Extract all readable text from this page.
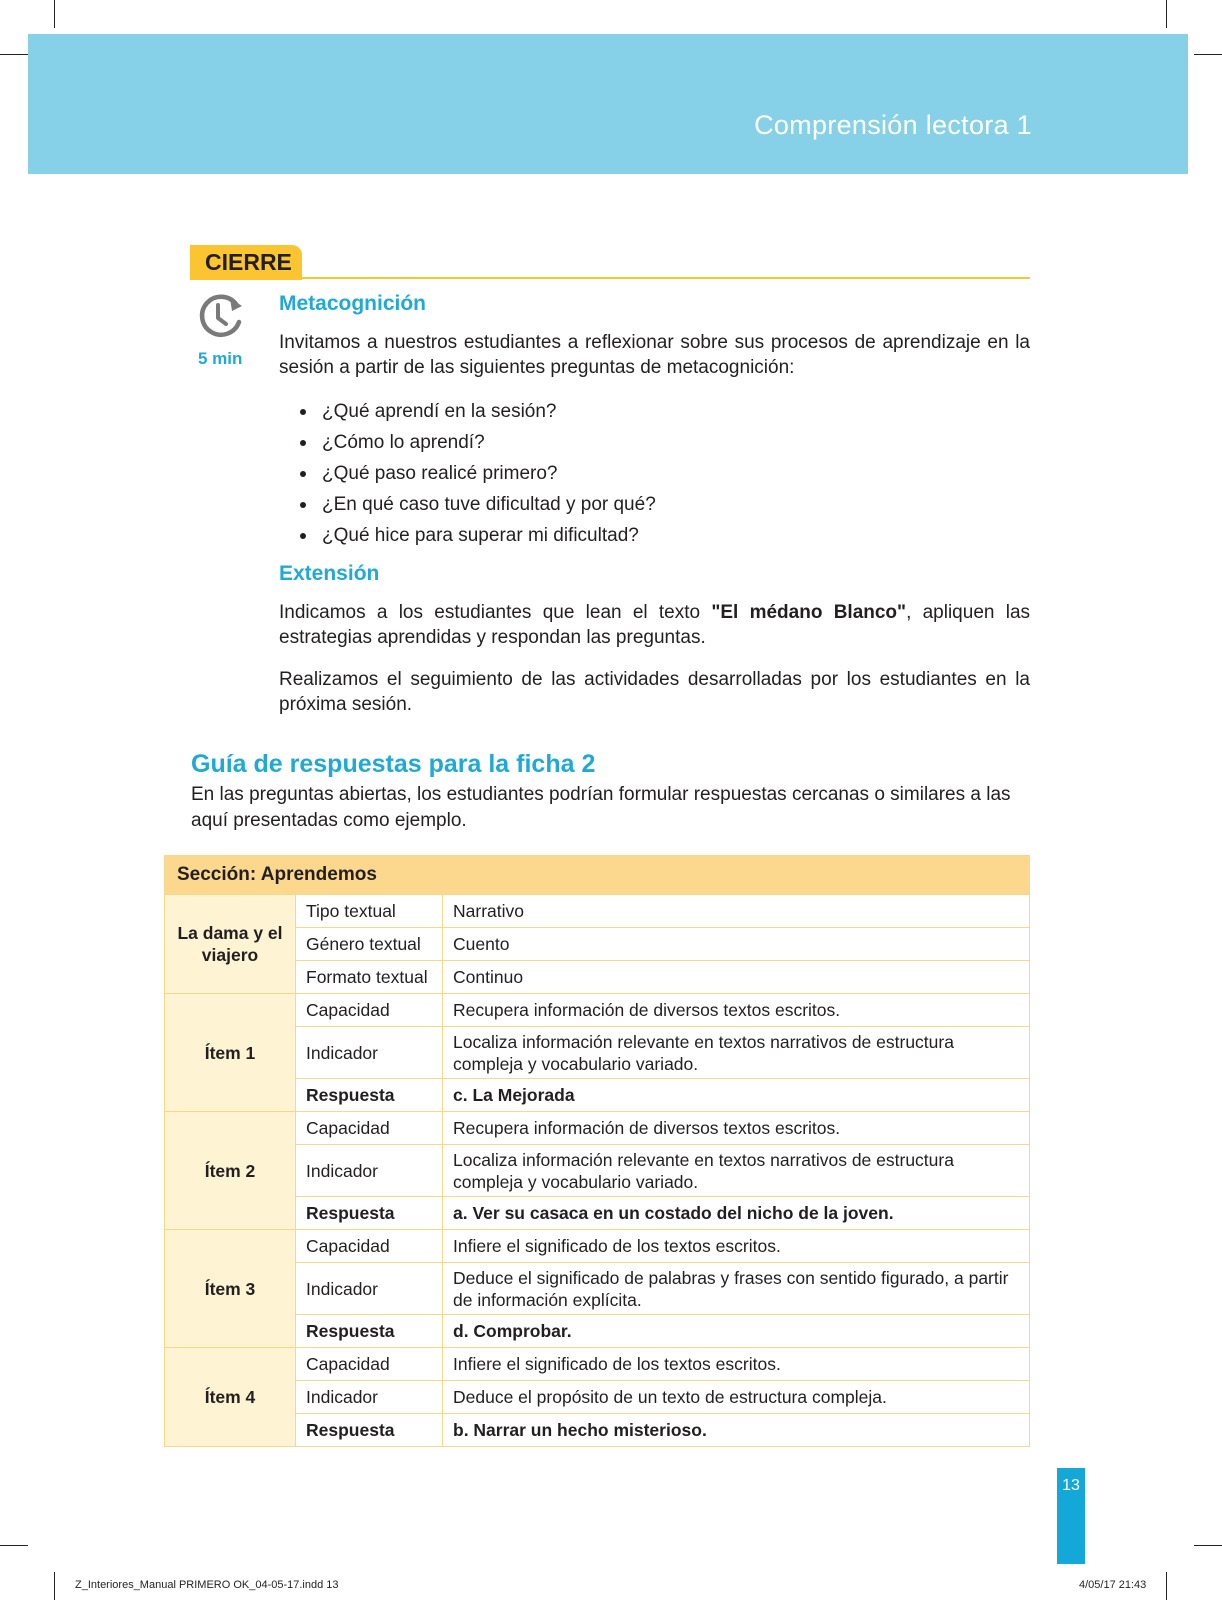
Comprensión lectora 1
CIERRE
5 min
Metacognición
Invitamos a nuestros estudiantes a reflexionar sobre sus procesos de aprendizaje en la sesión a partir de las siguientes preguntas de metacognición:
¿Qué aprendí en la sesión?
¿Cómo lo aprendí?
¿Qué paso realicé primero?
¿En qué caso tuve dificultad y por qué?
¿Qué hice para superar mi dificultad?
Extensión
Indicamos a los estudiantes que lean el texto "El médano Blanco", apliquen las estrategias aprendidas y respondan las preguntas.
Realizamos el seguimiento de las actividades desarrolladas por los estudiantes en la próxima sesión.
Guía de respuestas para la ficha 2
En las preguntas abiertas, los estudiantes podrían formular respuestas cercanas o similares a las aquí presentadas como ejemplo.
Sección: Aprendemos		
La dama y el viajero	Tipo textual	Narrativo
	Género textual	Cuento
	Formato textual	Continuo
Ítem 1	Capacidad	Recupera información de diversos textos escritos.
	Indicador	Localiza información relevante en textos narrativos de estructura compleja y vocabulario variado.
	Respuesta	c. La Mejorada
Ítem 2	Capacidad	Recupera información de diversos textos escritos.
	Indicador	Localiza información relevante en textos narrativos de estructura compleja y vocabulario variado.
	Respuesta	a. Ver su casaca en un costado del nicho de la joven.
Ítem 3	Capacidad	Infiere el significado de los textos escritos.
	Indicador	Deduce el significado de palabras y frases con sentido figurado, a partir de información explícita.
	Respuesta	d. Comprobar.
Ítem 4	Capacidad	Infiere el significado de los textos escritos.
	Indicador	Deduce el propósito de un texto de estructura compleja.
	Respuesta	b. Narrar un hecho misterioso.
13
Z_Interiores_Manual PRIMERO OK_04-05-17.indd 13	4/05/17 21:43
